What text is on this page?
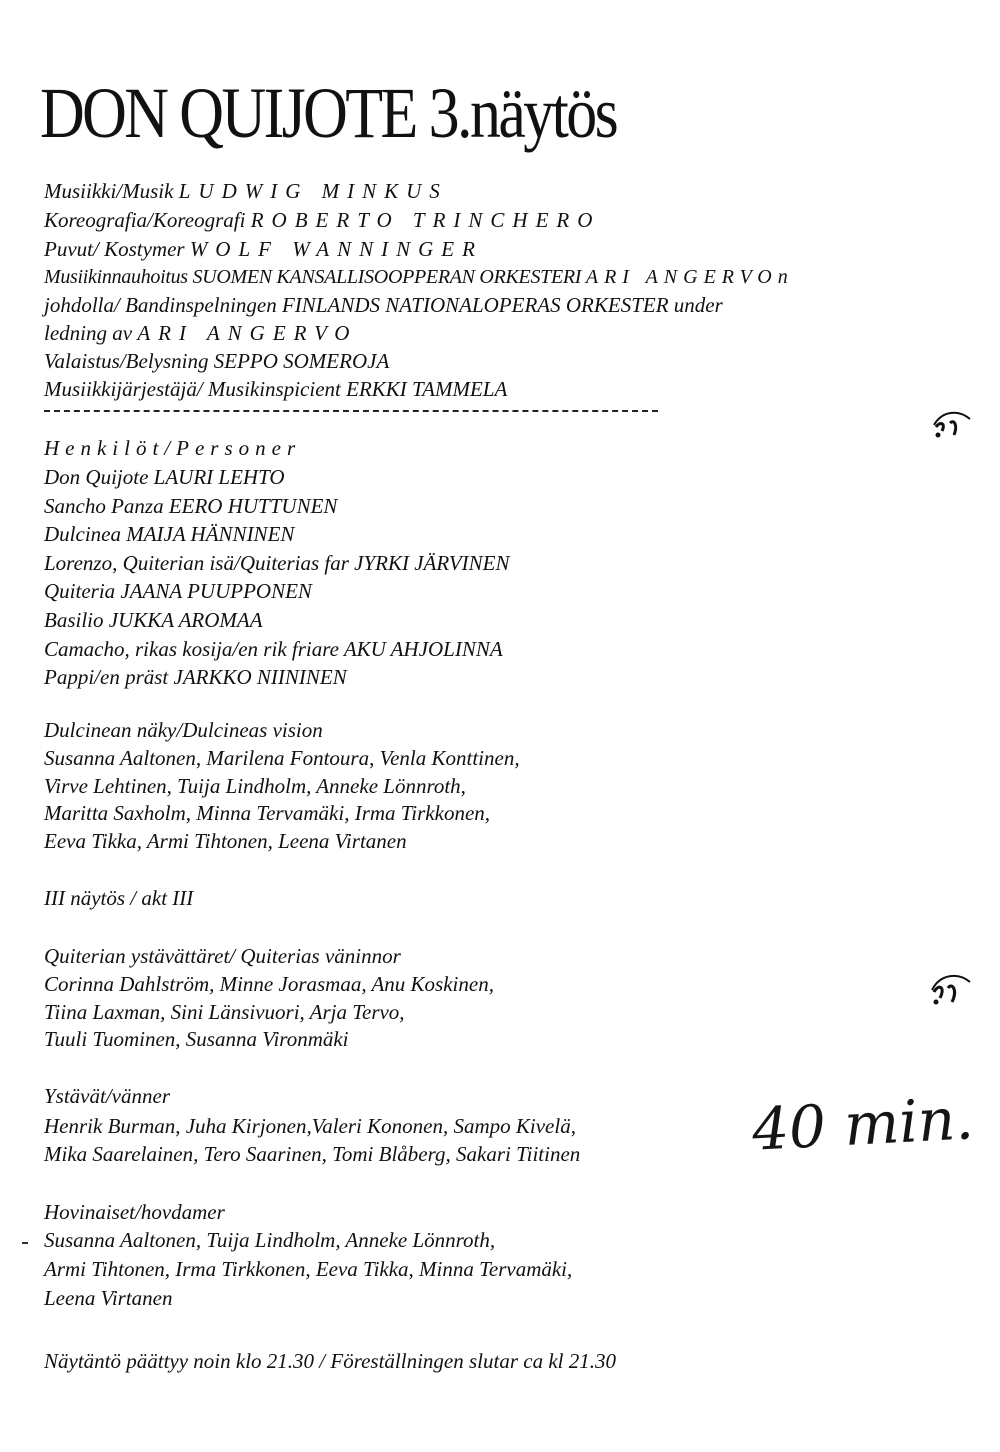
DON QUIJOTE 3.näytös

Musiikki/Musik LUDWIG MINKUS

Koreografia/Koreografi ROBERTO TRINCHERO

Puvut/ Kostymer WOLF WANNINGER

Musiikinnauhoitus SUOMEN KANSALLISOOPPERAN ORKESTERI ARI ANGERVOn

johdolla/ Bandinspelningen FINLANDS NATIONALOPERAS ORKESTER under

ledning av ARI ANGERVO

Valaistus/Belysning SEPPO SOMEROJA

Musiikkijärjestäjä/ Musikinspicient ERKKI TAMMELA

Henkilöt/Personer

Don Quijote LAURI LEHTO

Sancho Panza EERO HUTTUNEN

Dulcinea MAIJA HÄNNINEN

Lorenzo, Quiterian isä/Quiterias far JYRKI JÄRVINEN

Quiteria JAANA PUUPPONEN

Basilio JUKKA AROMAA

Camacho, rikas kosija/en rik friare AKU AHJOLINNA

Pappi/en präst JARKKO NIININEN

Dulcinean näky/Dulcineas vision

Susanna Aaltonen, Marilena Fontoura, Venla Konttinen,

Virve Lehtinen, Tuija Lindholm, Anneke Lönnroth,

Maritta Saxholm, Minna Tervamäki, Irma Tirkkonen,

Eeva Tikka, Armi Tihtonen, Leena Virtanen

III näytös / akt III

Quiterian ystävättäret/ Quiterias väninnor

Corinna Dahlström, Minne Jorasmaa, Anu Koskinen,

Tiina Laxman, Sini Länsivuori, Arja Tervo,

Tuuli Tuominen, Susanna Vironmäki

Ystävät/vänner

Henrik Burman, Juha Kirjonen,Valeri Kononen, Sampo Kivelä,

Mika Saarelainen, Tero Saarinen, Tomi Blåberg, Sakari Tiitinen

Hovinaiset/hovdamer

Susanna Aaltonen, Tuija Lindholm, Anneke Lönnroth,

Armi Tihtonen, Irma Tirkkonen, Eeva Tikka, Minna Tervamäki,

Leena Virtanen

Näytäntö päättyy noin klo 21.30 / Föreställningen slutar ca kl 21.30

40 min.
